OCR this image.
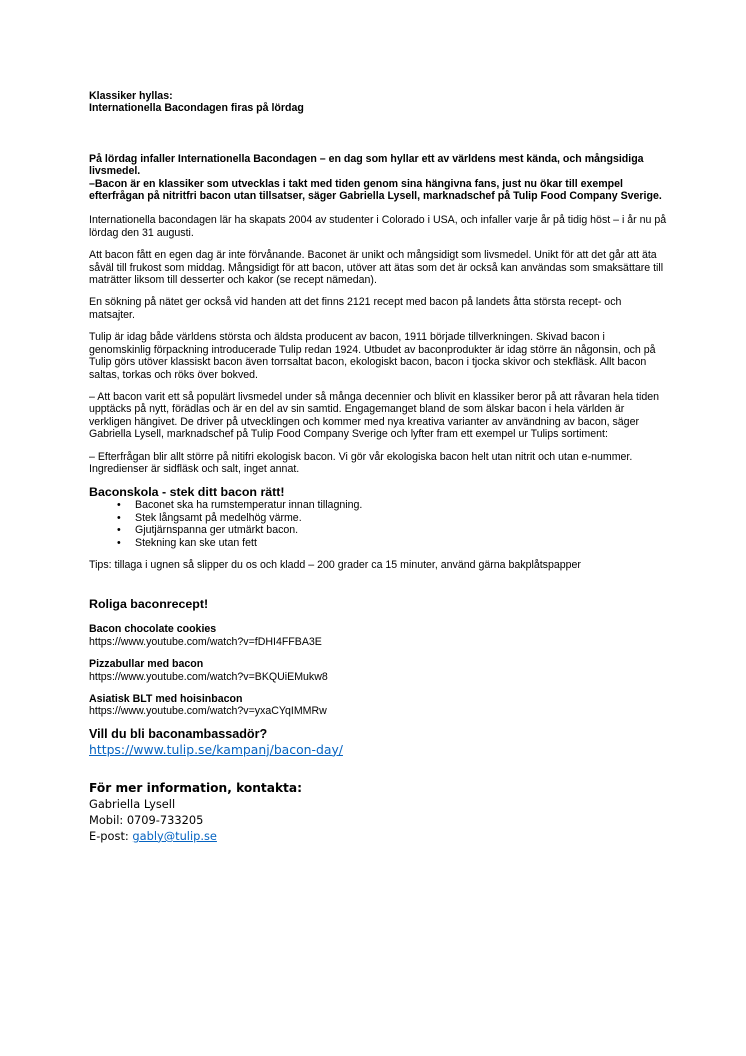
Klassiker hyllas:

Internationella Bacondagen firas på lördag

På lördag infaller Internationella Bacondagen – en dag som hyllar ett av världens mest kända, och mångsidiga livsmedel.

–Bacon är en klassiker som utvecklas i takt med tiden genom sina hängivna fans, just nu ökar till exempel efterfrågan på nitritfri bacon utan tillsatser, säger Gabriella Lysell, marknadschef på Tulip Food Company Sverige.

Internationella bacondagen lär ha skapats 2004 av studenter i Colorado i USA, och infaller varje år på tidig höst – i år nu på lördag den 31 augusti.

Att bacon fått en egen dag är inte förvånande. Baconet är unikt och mångsidigt som livsmedel. Unikt för att det går att äta såväl till frukost som middag. Mångsidigt för att bacon, utöver att ätas som det är också kan användas som smaksättare till maträtter liksom till desserter och kakor (se recept nämedan).

En sökning på nätet ger också vid handen att det finns 2121 recept med bacon på landets åtta största recept- och matsajter.

Tulip är idag både världens största och äldsta producent av bacon, 1911 började tillverkningen. Skivad bacon i genomskinlig förpackning introducerade Tulip redan 1924. Utbudet av baconprodukter är idag större än någonsin, och på Tulip görs utöver klassiskt bacon även torrsaltat bacon, ekologiskt bacon, bacon i tjocka skivor och stekfläsk. Allt bacon saltas, torkas och röks över bokved.

– Att bacon varit ett så populärt livsmedel under så många decennier och blivit en klassiker beror på att råvaran hela tiden upptäcks på nytt, förädlas och är en del av sin samtid. Engagemanget bland de som älskar bacon i hela världen är verkligen hängivet. De driver på utvecklingen och kommer med nya kreativa varianter av användning av bacon, säger Gabriella Lysell, marknadschef på Tulip Food Company Sverige och lyfter fram ett exempel ur Tulips sortiment:

– Efterfrågan blir allt större på nitifri ekologisk bacon. Vi gör vår ekologiska bacon helt utan nitrit och utan e-nummer. Ingredienser är sidfläsk och salt, inget annat.

Baconskola - stek ditt bacon rätt!

• Baconet ska ha rumstemperatur innan tillagning.
• Stek långsamt på medelhög värme.
• Gjutjärnspanna ger utmärkt bacon.
• Stekning kan ske utan fett

Tips: tillaga i ugnen så slipper du os och kladd – 200 grader ca 15 minuter, använd gärna bakplåtspapper

Roliga baconrecept!

Bacon chocolate cookies

https://www.youtube.com/watch?v=fDHI4FFBA3E

Pizzabullar med bacon

https://www.youtube.com/watch?v=BKQUiEMukw8

Asiatisk BLT med hoisinbacon

https://www.youtube.com/watch?v=yxaCYqIMMRw

Vill du bli baconambassadör?

https://www.tulip.se/kampanj/bacon-day/

För mer information, kontakta:

Gabriella Lysell

Mobil: 0709-733205

E-post: gably@tulip.se
